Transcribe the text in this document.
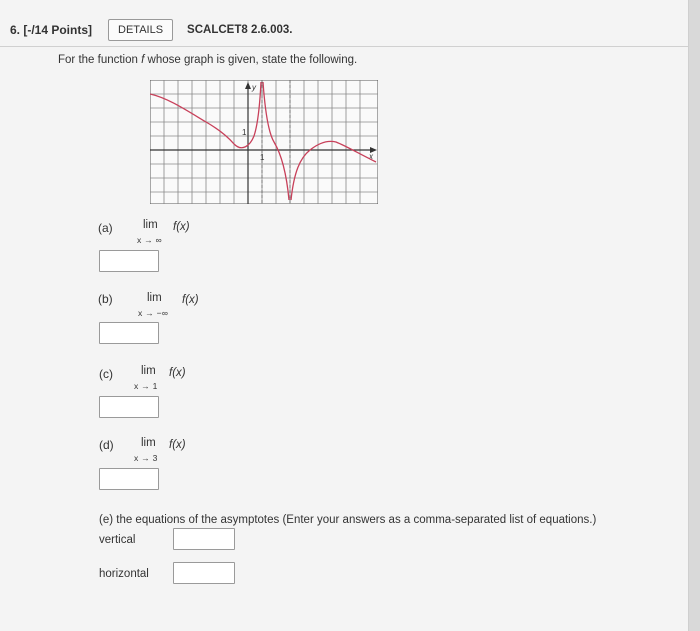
6. [-/14 Points]	DETAILS	SCALCET8 2.6.003.
For the function f whose graph is given, state the following.
y
x
1
1
(a)	lim f(x)
x → ∞
(b)	lim f(x)
x → −∞
(c) lim f(x)
x → 1
(d) lim f(x)
x → 3
(e) the equations of the asymptotes (Enter your answers as a comma-separated list of equations.)
vertical
horizontal
